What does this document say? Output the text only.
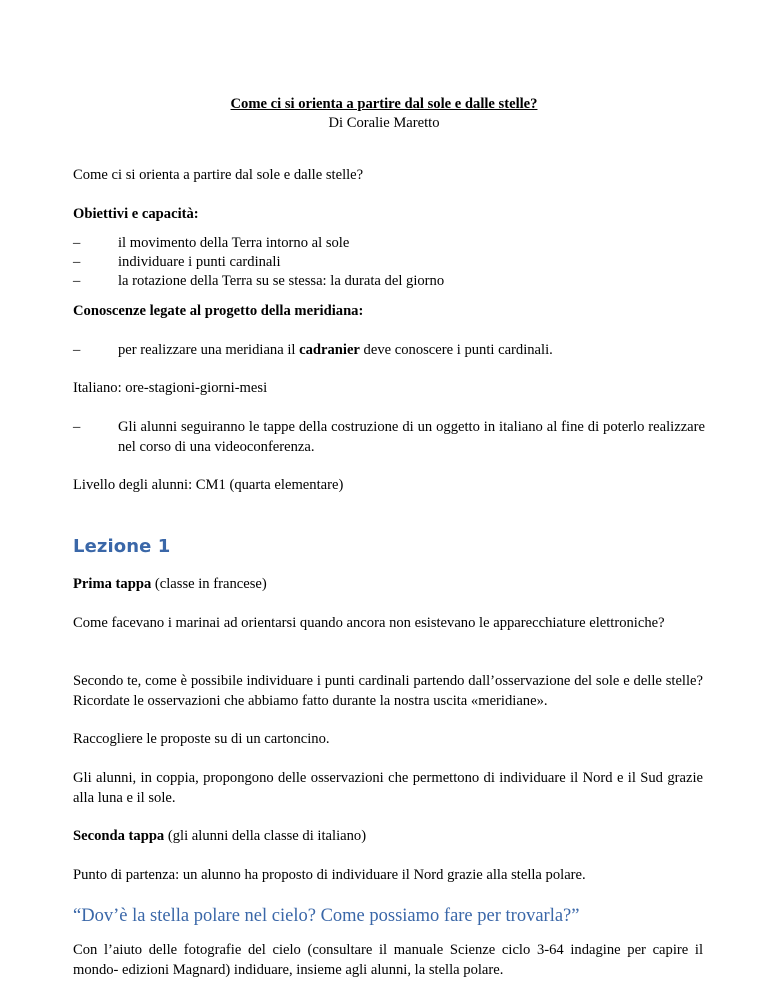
Come ci si orienta a partire dal sole e dalle stelle?

Di Coralie Maretto

Come ci si orienta a partire dal sole e dalle stelle?

Obiettivi e capacità:

–	il movimento della Terra intorno al sole
–	individuare i punti cardinali
–	la rotazione della Terra su se stessa: la durata del giorno

Conoscenze legate al progetto della meridiana:

–	per realizzare una meridiana il cadranier deve conoscere i punti cardinali.

Italiano: ore-stagioni-giorni-mesi

–	Gli alunni seguiranno le tappe della costruzione di un oggetto in italiano al fine di poterlo realizzare nel corso di una videoconferenza.

Livello degli alunni: CM1 (quarta elementare)

Lezione 1

Prima tappa (classe in francese)

Come facevano i marinai ad orientarsi quando ancora non esistevano le apparecchiature elettroniche?

Secondo te, come è possibile individuare i punti cardinali partendo dall’osservazione del sole e delle stelle? Ricordate le osservazioni che abbiamo fatto durante la nostra uscita «meridiane».

Raccogliere le proposte su di un cartoncino.

Gli alunni, in coppia, propongono delle osservazioni che permettono di individuare il Nord e il Sud grazie alla luna e il sole.

Seconda tappa (gli alunni della classe di italiano)

Punto di partenza: un alunno ha proposto di individuare il Nord grazie alla stella polare.

“Dov’è la stella polare nel cielo? Come possiamo fare per trovarla?”

Con l’aiuto delle fotografie del cielo (consultare il manuale Scienze ciclo 3-64 indagine per capire il mondo- edizioni Magnard) indiduare, insieme agli alunni, la stella polare.
